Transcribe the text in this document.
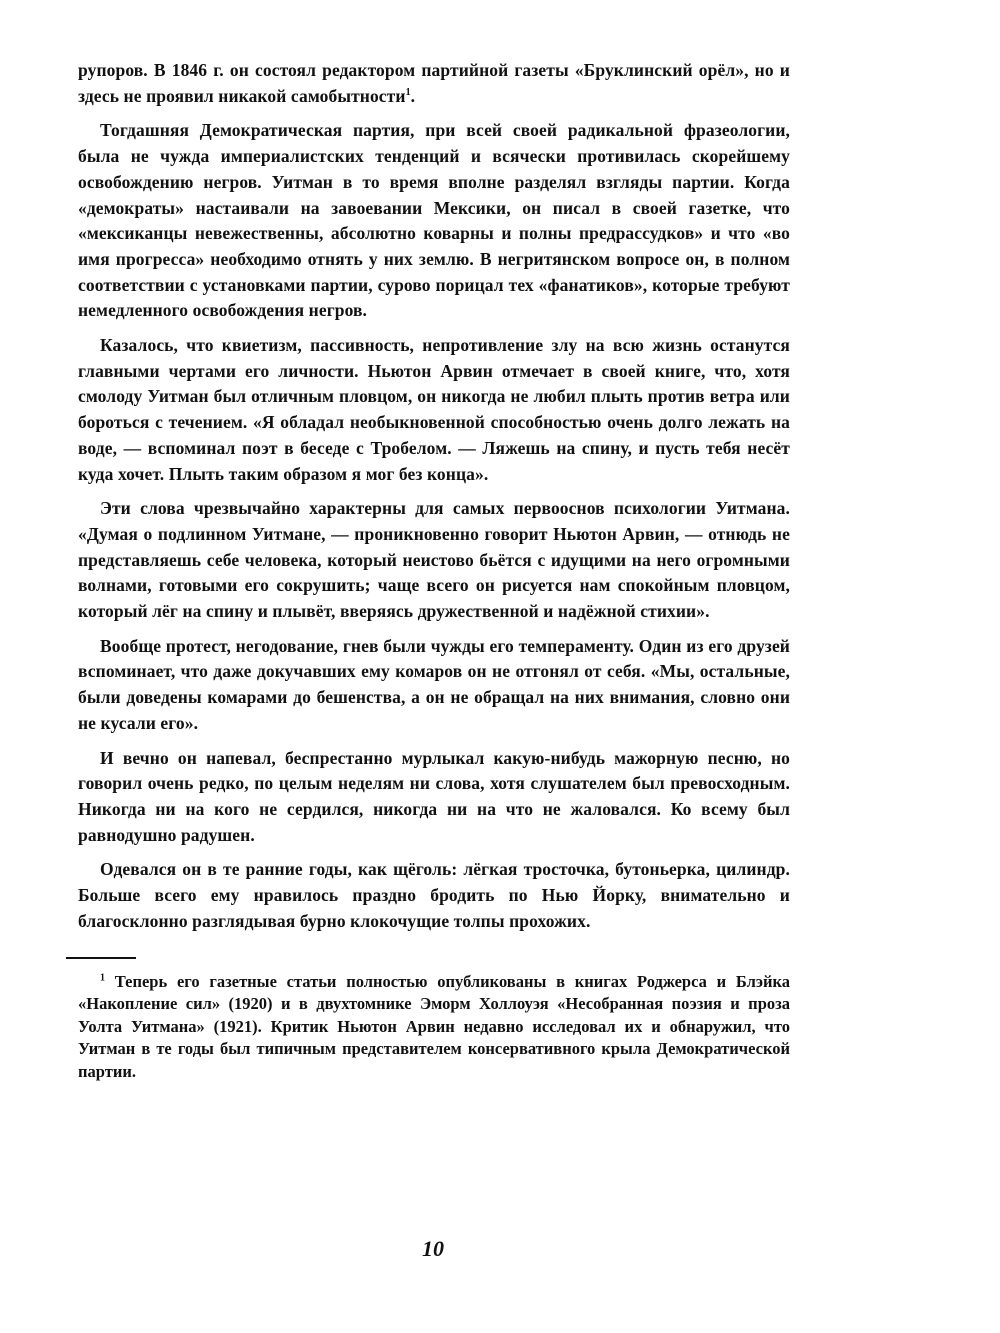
рупоров. В 1846 г. он состоял редактором партийной газеты «Бруклинский орёл», но и здесь не проявил никакой самобытности$^1$.

Тогдашняя Демократическая партия, при всей своей радикальной фразеологии, была не чужда империалистских тенденций и всячески противилась скорейшему освобождению негров. Уитман в то время вполне разделял взгляды партии. Когда «демократы» настаивали на завоевании Мексики, он писал в своей газетке, что «мексиканцы невежественны, абсолютно коварны и полны предрассудков» и что «во имя прогресса» необходимо отнять у них землю. В негритянском вопросе он, в полном соответствии с установками партии, сурово порицал тех «фанатиков», которые требуют немедленного освобождения негров.

Казалось, что квиетизм, пассивность, непротивление злу на всю жизнь останутся главными чертами его личности. Ньютон Арвин отмечает в своей книге, что, хотя смолоду Уитман был отличным пловцом, он никогда не любил плыть против ветра или бороться с течением. «Я обладал необыкновенной способностью очень долго лежать на воде, — вспоминал поэт в беседе с Тробелом. — Ляжешь на спину, и пусть тебя несёт куда хочет. Плыть таким образом я мог без конца».

Эти слова чрезвычайно характерны для самых первооснов психологии Уитмана. «Думая о подлинном Уитмане, — проникновенно говорит Ньютон Арвин, — отнюдь не представляешь себе человека, который неистово бьётся с идущими на него огромными волнами, готовыми его сокрушить; чаще всего он рисуется нам спокойным пловцом, который лёг на спину и плывёт, вверяясь дружественной и надёжной стихии».

Вообще протест, негодование, гнев были чужды его темпераменту. Один из его друзей вспоминает, что даже докучавших ему комаров он не отгонял от себя. «Мы, остальные, были доведены комарами до бешенства, а он не обращал на них внимания, словно они не кусали его».

И вечно он напевал, беспрестанно мурлыкал какую-нибудь мажорную песню, но говорил очень редко, по целым неделям ни слова, хотя слушателем был превосходным. Никогда ни на кого не сердился, никогда ни на что не жаловался. Ко всему был равнодушно радушен.

Одевался он в те ранние годы, как щёголь: лёгкая тросточка, бутоньерка, цилиндр. Больше всего ему нравилось праздно бродить по Нью Йорку, внимательно и благосклонно разглядывая бурно клокочущие толпы прохожих.

$^1$ Теперь его газетные статьи полностью опубликованы в книгах Роджерса и Блэйка «Накопление сил» (1920) и в двухтомнике Эморм Холлоуэя «Несобранная поэзия и проза Уолта Уитмана» (1921). Критик Ньютон Арвин недавно исследовал их и обнаружил, что Уитман в те годы был типичным представителем консервативного крыла Демократической партии.

10
